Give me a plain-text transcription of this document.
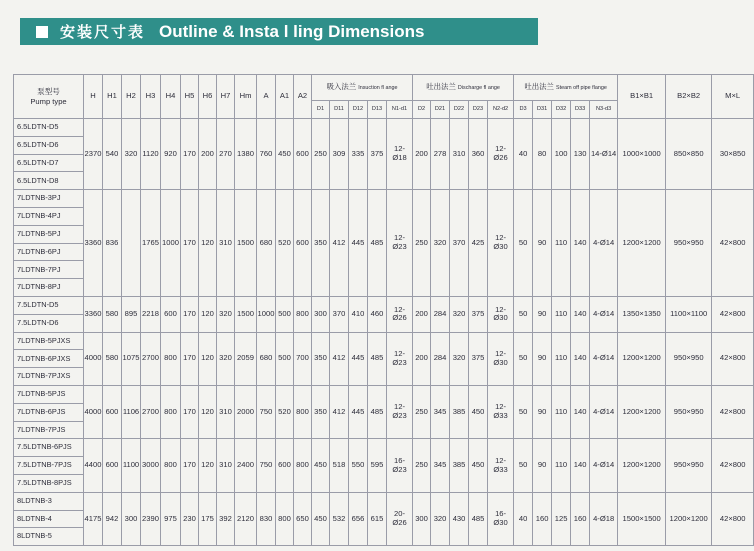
安装尺寸表 Outline & Insta l ling Dimensions
泵型号
Pump type	H	H1	H2	H3	H4	H5	H6	H7	Hm	A	A1	A2	吸入法兰 Insuction fl ange					吐出法兰 Discharge fl ange					吐出法兰 Steam off pipe flange					B1×B1	B2×B2	M×L
													D1	D11	D12	D13	N1-d1	D2	D21	D22	D23	N2-d2	D3	D31	D32	D33	N3-d3			
6.5LDTN-D5	2370	540	320	1120	920	170	200	270	1380	760	450	600	250	309	335	375	12-Ø18	200	278	310	360	12-Ø26	40	80	100	130	14-Ø14	1000×1000	850×850	30×850
6.5LDTN-D6																														
6.5LDTN-D7																														
6.5LDTN-D8																														
7LDTNB-3PJ	3360	836		1765	1000	170	120	310	1500	680	520	600	350	412	445	485	12-Ø23	250	320	370	425	12-Ø30	50	90	110	140	4-Ø14	1200×1200	950×950	42×800
7LDTNB-4PJ																														
7LDTNB-5PJ																														
7LDTNB-6PJ																														
7LDTNB-7PJ																														
7LDTNB-8PJ																														
7.5LDTN-D5	3360	580	895	2218	600	170	120	320	1500	1000	500	800	300	370	410	460	12-Ø26	200	284	320	375	12-Ø30	50	90	110	140	4-Ø14	1350×1350	1100×1100	42×800
7.5LDTN-D6																														
7LDTNB-5PJXS	4000	580	1075	2700	800	170	120	320	2059	680	500	700	350	412	445	485	12-Ø23	200	284	320	375	12-Ø30	50	90	110	140	4-Ø14	1200×1200	950×950	42×800
7LDTNB-6PJXS																														
7LDTNB-7PJXS																														
7LDTNB-5PJS	4000	600	1106	2700	800	170	120	310	2000	750	520	800	350	412	445	485	12-Ø23	250	345	385	450	12-Ø33	50	90	110	140	4-Ø14	1200×1200	950×950	42×800
7LDTNB-6PJS																														
7LDTNB-7PJS																														
7.5LDTNB-6PJS	4400	600	1100	3000	800	170	120	310	2400	750	600	800	450	518	550	595	16-Ø23	250	345	385	450	12-Ø33	50	90	110	140	4-Ø14	1200×1200	950×950	42×800
7.5LDTNB-7PJS																														
7.5LDTNB-8PJS																														
8LDTNB-3	4175	942	300	2390	975	230	175	392	2120	830	800	650	450	532	656	615	20-Ø26	300	320	430	485	16-Ø30	40	160	125	160	4-Ø18	1500×1500	1200×1200	42×800
8LDTNB-4																														
8LDTNB-5																														
